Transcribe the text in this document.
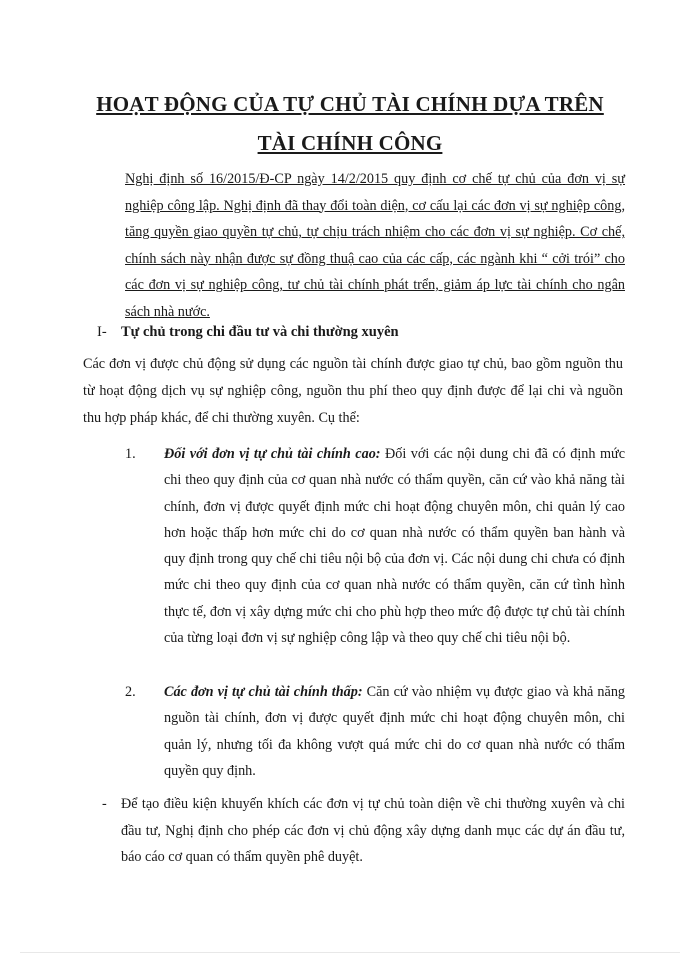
HOẠT ĐỘNG CỦA TỰ CHỦ TÀI CHÍNH DỰA TRÊN
TÀI CHÍNH CÔNG
Nghị định số 16/2015/Đ-CP ngày 14/2/2015 quy định cơ chế tự chủ của đơn vị sự nghiệp công lập. Nghị định đã thay đổi toàn diện, cơ cấu lại các đơn vị sự nghiệp công, tăng quyền giao quyền tự chủ, tự chịu trách nhiệm cho các đơn vị sự nghiệp. Cơ chế, chính sách này nhận được sự đồng thuậ cao của các cấp, các ngành khi “ cởi trói” cho các đơn vị sự nghiệp công, tư chủ tài chính phát trển, giảm áp lực tài chính cho ngân sách nhà nước.
I- Tự chủ trong chi đầu tư và chi thường xuyên
Các đơn vị được chủ động sử dụng các nguồn tài chính được giao tự chủ, bao gồm nguồn thu từ hoạt động dịch vụ sự nghiệp công, nguồn thu phí theo quy định được để lại chi và nguồn thu hợp pháp khác, để chi thường xuyên. Cụ thể:
1. Đối với đơn vị tự chủ tài chính cao: Đối với các nội dung chi đã có định mức chi theo quy định của cơ quan nhà nước có thẩm quyền, căn cứ vào khả năng tài chính, đơn vị được quyết định mức chi hoạt động chuyên môn, chi quản lý cao hơn hoặc thấp hơn mức chi do cơ quan nhà nước có thẩm quyền ban hành và quy định trong quy chế chi tiêu nội bộ của đơn vị. Các nội dung chi chưa có định mức chi theo quy định của cơ quan nhà nước có thẩm quyền, căn cứ tình hình thực tế, đơn vị xây dựng mức chi cho phù hợp theo mức độ được tự chủ tài chính của từng loại đơn vị sự nghiệp công lập và theo quy chế chi tiêu nội bộ.
2. Các đơn vị tự chủ tài chính thấp: Căn cứ vào nhiệm vụ được giao và khả năng nguồn tài chính, đơn vị được quyết định mức chi hoạt động chuyên môn, chi quản lý, nhưng tối đa không vượt quá mức chi do cơ quan nhà nước có thẩm quyền quy định.
- Để tạo điều kiện khuyến khích các đơn vị tự chủ toàn diện về chi thường xuyên và chi đầu tư, Nghị định cho phép các đơn vị chủ động xây dựng danh mục các dự án đầu tư, báo cáo cơ quan có thẩm quyền phê duyệt.
